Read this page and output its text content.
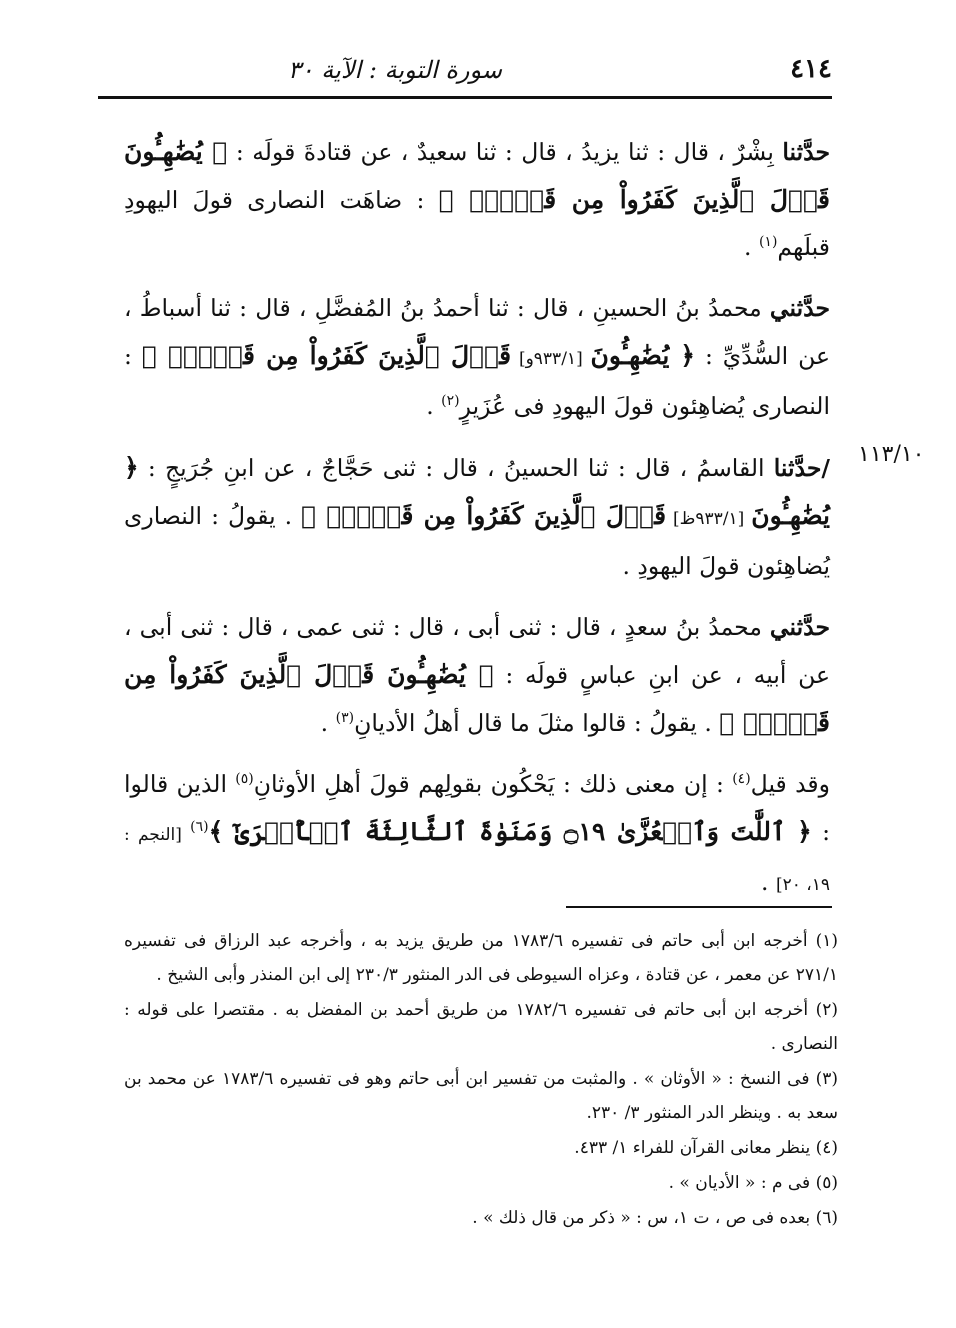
٤١٤
سورة التوبة : الآية ٣٠
١١٣/١٠

حدَّثنا بِشْرٌ ، قال : ثنا يزيدُ ، قال : ثنا سعيدٌ ، عن قتادةَ قولَه : ﴿ يُضَٰهِـُٔونَ قَوۡلَ ٱلَّذِينَ كَفَرُواْ مِن قَبۡلُۚ ﴾ : ضاهَت النصارى قولَ اليهودِ قبلَهم$^{(١)}$ .

حدَّثني محمدُ بنُ الحسينِ ، قال : ثنا أحمدُ بنُ المُفضَّلِ ، قال : ثنا أسباطُ ، عن السُّدِّيِّ : ﴿ يُضَٰهِـُٔونَ [٩٣٣/١و] قَوۡلَ ٱلَّذِينَ كَفَرُواْ مِن قَبۡلُۚ ﴾ : النصارى يُضاهِئون قولَ اليهودِ فى عُزَيرٍ$^{(٢)}$ .

/حدَّثنا القاسمُ ، قال : ثنا الحسينُ ، قال : ثنى حَجَّاجٌ ، عن ابنِ جُرَيجٍ : ﴿ يُضَٰهِـُٔونَ [٩٣٣/١ظ] قَوۡلَ ٱلَّذِينَ كَفَرُواْ مِن قَبۡلُۚ ﴾ . يقولُ : النصارى يُضاهِئون قولَ اليهودِ .

حدَّثني محمدُ بنُ سعدٍ ، قال : ثنى أبى ، قال : ثنى عمى ، قال : ثنى أبى ، عن أبيه ، عن ابنِ عباسٍ قولَه : ﴿ يُضَٰهِـُٔونَ قَوۡلَ ٱلَّذِينَ كَفَرُواْ مِن قَبۡلُۚ ﴾ . يقولُ : قالوا مثلَ ما قال أهلُ الأديانِ$^{(٣)}$ .

وقد قيل$^{(٤)}$ : إن معنى ذلك : يَحْكُون بقولِهم قولَ أهلِ الأوثانِ$^{(٥)}$ الذين قالوا : ﴿ ٱللَّٰتَ وَٱلۡعُزَّىٰ ۝١٩ وَمَنَوٰةَ ٱلثَّالِثَةَ ٱلۡأُخۡرَىٰٓ ﴾$^{(٦)}$ [النجم : ١٩، ٢٠] .

(١) أخرجه ابن أبى حاتم فى تفسيره ١٧٨٣/٦ من طريق يزيد به ، وأخرجه عبد الرزاق فى تفسيره ٢٧١/١ عن معمر ، عن قتادة ، وعزاه السيوطى فى الدر المنثور ٢٣٠/٣ إلى ابن المنذر وأبى الشيخ .

(٢) أخرجه ابن أبى حاتم فى تفسيره ١٧٨٢/٦ من طريق أحمد بن المفضل به . مقتصرا على قوله : النصارى .

(٣) فى النسخ : « الأوثان » . والمثبت من تفسير ابن أبى حاتم وهو فى تفسيره ١٧٨٣/٦ عن محمد بن سعد به . وينظر الدر المنثور ٣/ ٢٣٠.

(٤) ينظر معانى القرآن للفراء ١/ ٤٣٣.

(٥) فى م : « الأديان » .

(٦) بعده فى ص ، ت ١، س : « ذكر من قال ذلك » .
